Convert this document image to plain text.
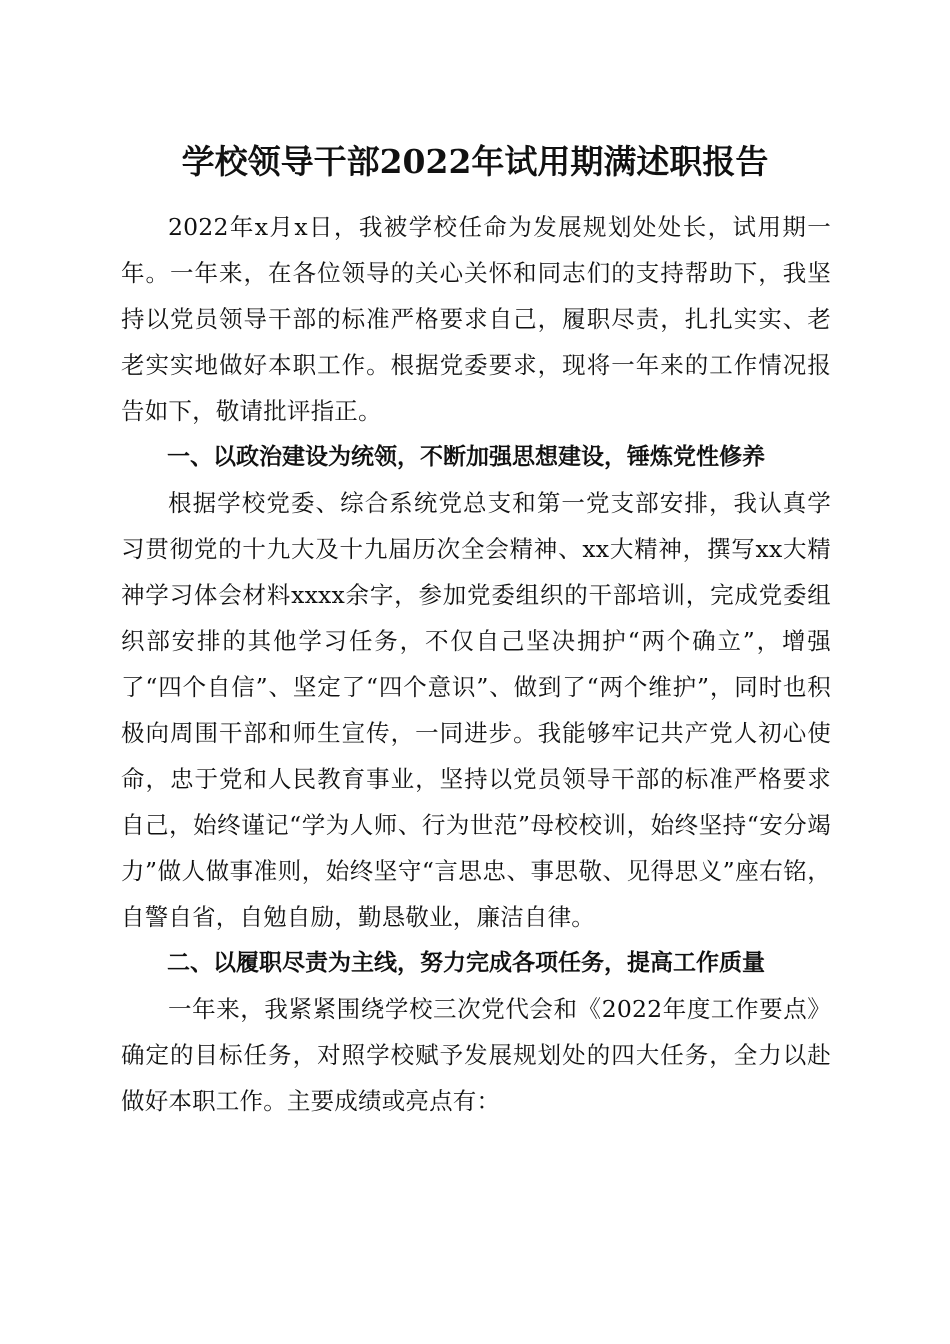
学校领导干部2022年试用期满述职报告

2022年x月x日，我被学校任命为发展规划处处长，试用期一年。一年来，在各位领导的关心关怀和同志们的支持帮助下，我坚持以党员领导干部的标准严格要求自己，履职尽责，扎扎实实、老老实实地做好本职工作。根据党委要求，现将一年来的工作情况报告如下，敬请批评指正。

一、以政治建设为统领，不断加强思想建设，锤炼党性修养

根据学校党委、综合系统党总支和第一党支部安排，我认真学习贯彻党的十九大及十九届历次全会精神、xx大精神，撰写xx大精神学习体会材料xxxx余字，参加党委组织的干部培训，完成党委组织部安排的其他学习任务，不仅自己坚决拥护“两个确立”，增强了“四个自信”、坚定了“四个意识”、做到了“两个维护”，同时也积极向周围干部和师生宣传，一同进步。我能够牢记共产党人初心使命，忠于党和人民教育事业，坚持以党员领导干部的标准严格要求自己，始终谨记“学为人师、行为世范”母校校训，始终坚持“安分竭力”做人做事准则，始终坚守“言思忠、事思敬、见得思义”座右铭，自警自省，自勉自励，勤恳敬业，廉洁自律。

二、以履职尽责为主线，努力完成各项任务，提高工作质量

一年来，我紧紧围绕学校三次党代会和《2022年度工作要点》确定的目标任务，对照学校赋予发展规划处的四大任务，全力以赴做好本职工作。主要成绩或亮点有：
